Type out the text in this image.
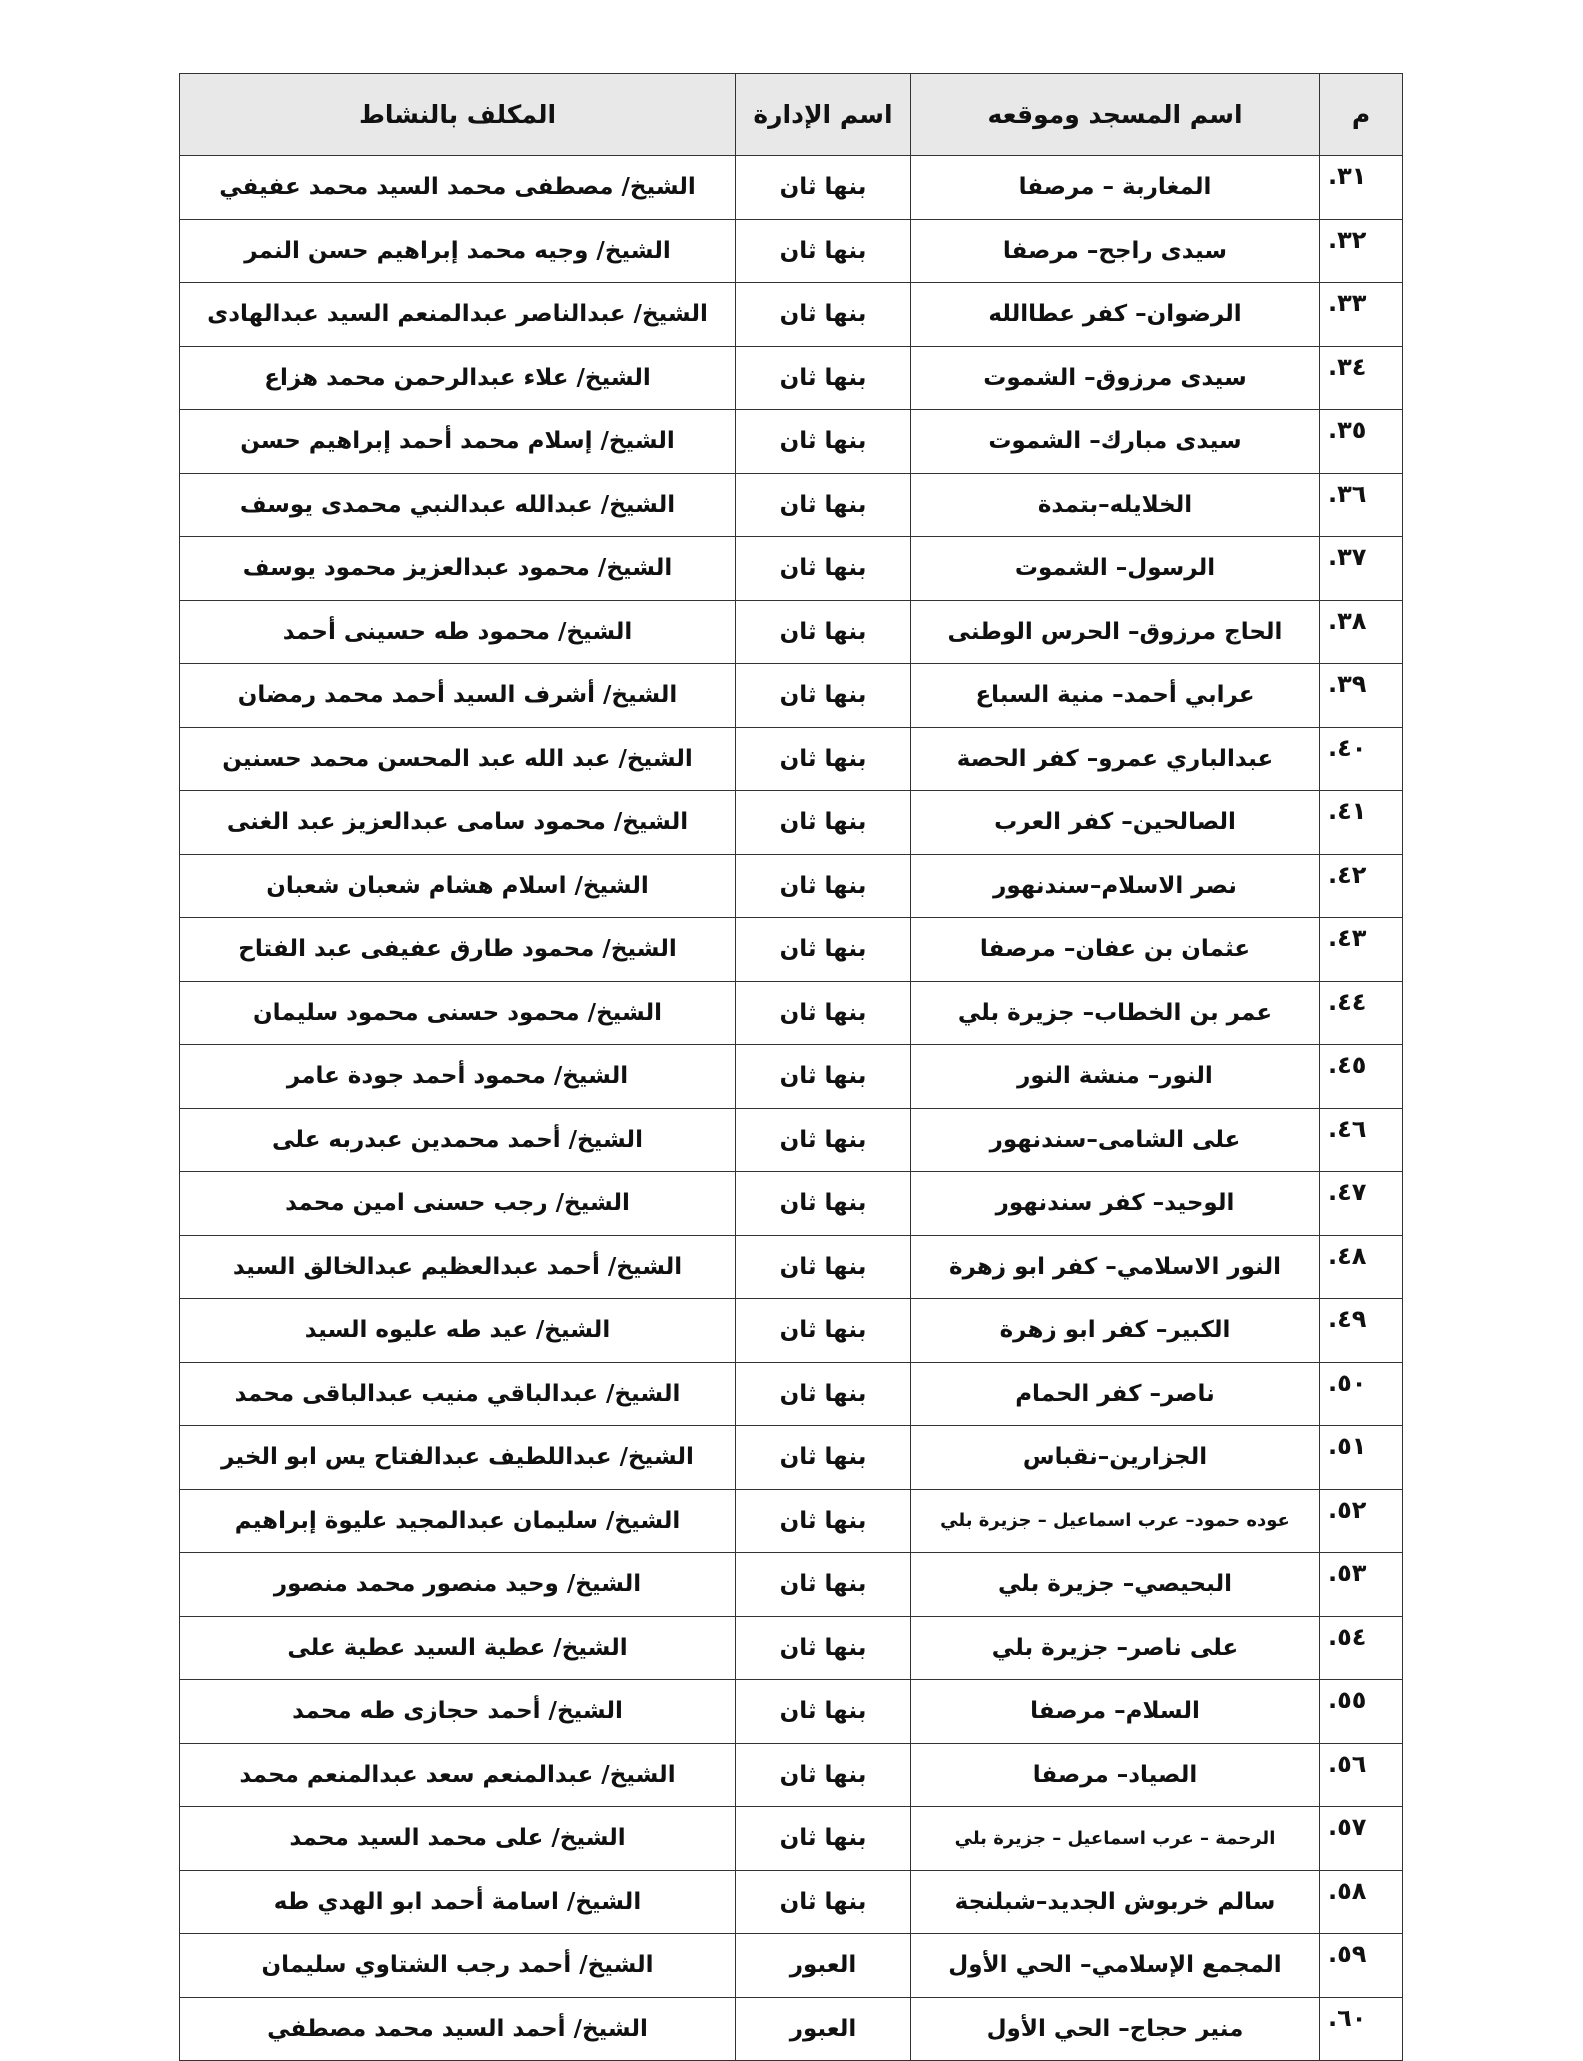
م	اسم المسجد وموقعه	اسم الإدارة	المكلف بالنشاط
٣١.	المغاربة – مرصفا	بنها ثان	الشيخ/ مصطفى محمد السيد محمد عفيفي
٣٢.	سيدى راجح– مرصفا	بنها ثان	الشيخ/ وجيه محمد إبراهيم حسن النمر
٣٣.	الرضوان– كفر عطاالله	بنها ثان	الشيخ/ عبدالناصر عبدالمنعم السيد عبدالهادى
٣٤.	سيدى مرزوق– الشموت	بنها ثان	الشيخ/ علاء عبدالرحمن محمد هزاع
٣٥.	سيدى مبارك– الشموت	بنها ثان	الشيخ/ إسلام محمد أحمد إبراهيم حسن
٣٦.	الخلايله–بتمدة	بنها ثان	الشيخ/ عبدالله عبدالنبي محمدى يوسف
٣٧.	الرسول– الشموت	بنها ثان	الشيخ/ محمود عبدالعزيز محمود يوسف
٣٨.	الحاج مرزوق– الحرس الوطنى	بنها ثان	الشيخ/ محمود طه حسينى أحمد
٣٩.	عرابي أحمد– منية السباع	بنها ثان	الشيخ/ أشرف السيد أحمد محمد رمضان
٤٠.	عبدالباري عمرو– كفر الحصة	بنها ثان	الشيخ/ عبد الله عبد المحسن محمد حسنين
٤١.	الصالحين– كفر العرب	بنها ثان	الشيخ/ محمود سامى عبدالعزيز عبد الغنى
٤٢.	نصر الاسلام–سندنهور	بنها ثان	الشيخ/ اسلام هشام شعبان شعبان
٤٣.	عثمان بن عفان– مرصفا	بنها ثان	الشيخ/ محمود طارق عفيفى عبد الفتاح
٤٤.	عمر بن الخطاب– جزيرة بلي	بنها ثان	الشيخ/ محمود حسنى محمود سليمان
٤٥.	النور– منشة النور	بنها ثان	الشيخ/ محمود أحمد جودة عامر
٤٦.	على الشامى–سندنهور	بنها ثان	الشيخ/ أحمد محمدين عبدربه على
٤٧.	الوحيد– كفر سندنهور	بنها ثان	الشيخ/ رجب حسنى امين محمد
٤٨.	النور الاسلامي– كفر ابو زهرة	بنها ثان	الشيخ/ أحمد عبدالعظيم عبدالخالق السيد
٤٩.	الكبير– كفر ابو زهرة	بنها ثان	الشيخ/ عيد طه عليوه السيد
٥٠.	ناصر– كفر الحمام	بنها ثان	الشيخ/ عبدالباقي منيب عبدالباقى محمد
٥١.	الجزارين–نقباس	بنها ثان	الشيخ/ عبداللطيف عبدالفتاح يس ابو الخير
٥٢.	عوده حمود– عرب اسماعيل – جزيرة بلي	بنها ثان	الشيخ/ سليمان عبدالمجيد عليوة إبراهيم
٥٣.	البحيصي– جزيرة بلي	بنها ثان	الشيخ/ وحيد منصور محمد منصور
٥٤.	على ناصر– جزيرة بلي	بنها ثان	الشيخ/ عطية السيد عطية على
٥٥.	السلام– مرصفا	بنها ثان	الشيخ/ أحمد حجازى طه محمد
٥٦.	الصياد– مرصفا	بنها ثان	الشيخ/ عبدالمنعم سعد عبدالمنعم محمد
٥٧.	الرحمة – عرب اسماعيل – جزيرة بلي	بنها ثان	الشيخ/ على محمد السيد محمد
٥٨.	سالم خربوش الجديد–شبلنجة	بنها ثان	الشيخ/ اسامة أحمد ابو الهدي طه
٥٩.	المجمع الإسلامي– الحي الأول	العبور	الشيخ/ أحمد رجب الشتاوي سليمان
٦٠.	منير حجاج– الحي الأول	العبور	الشيخ/ أحمد السيد محمد مصطفي
